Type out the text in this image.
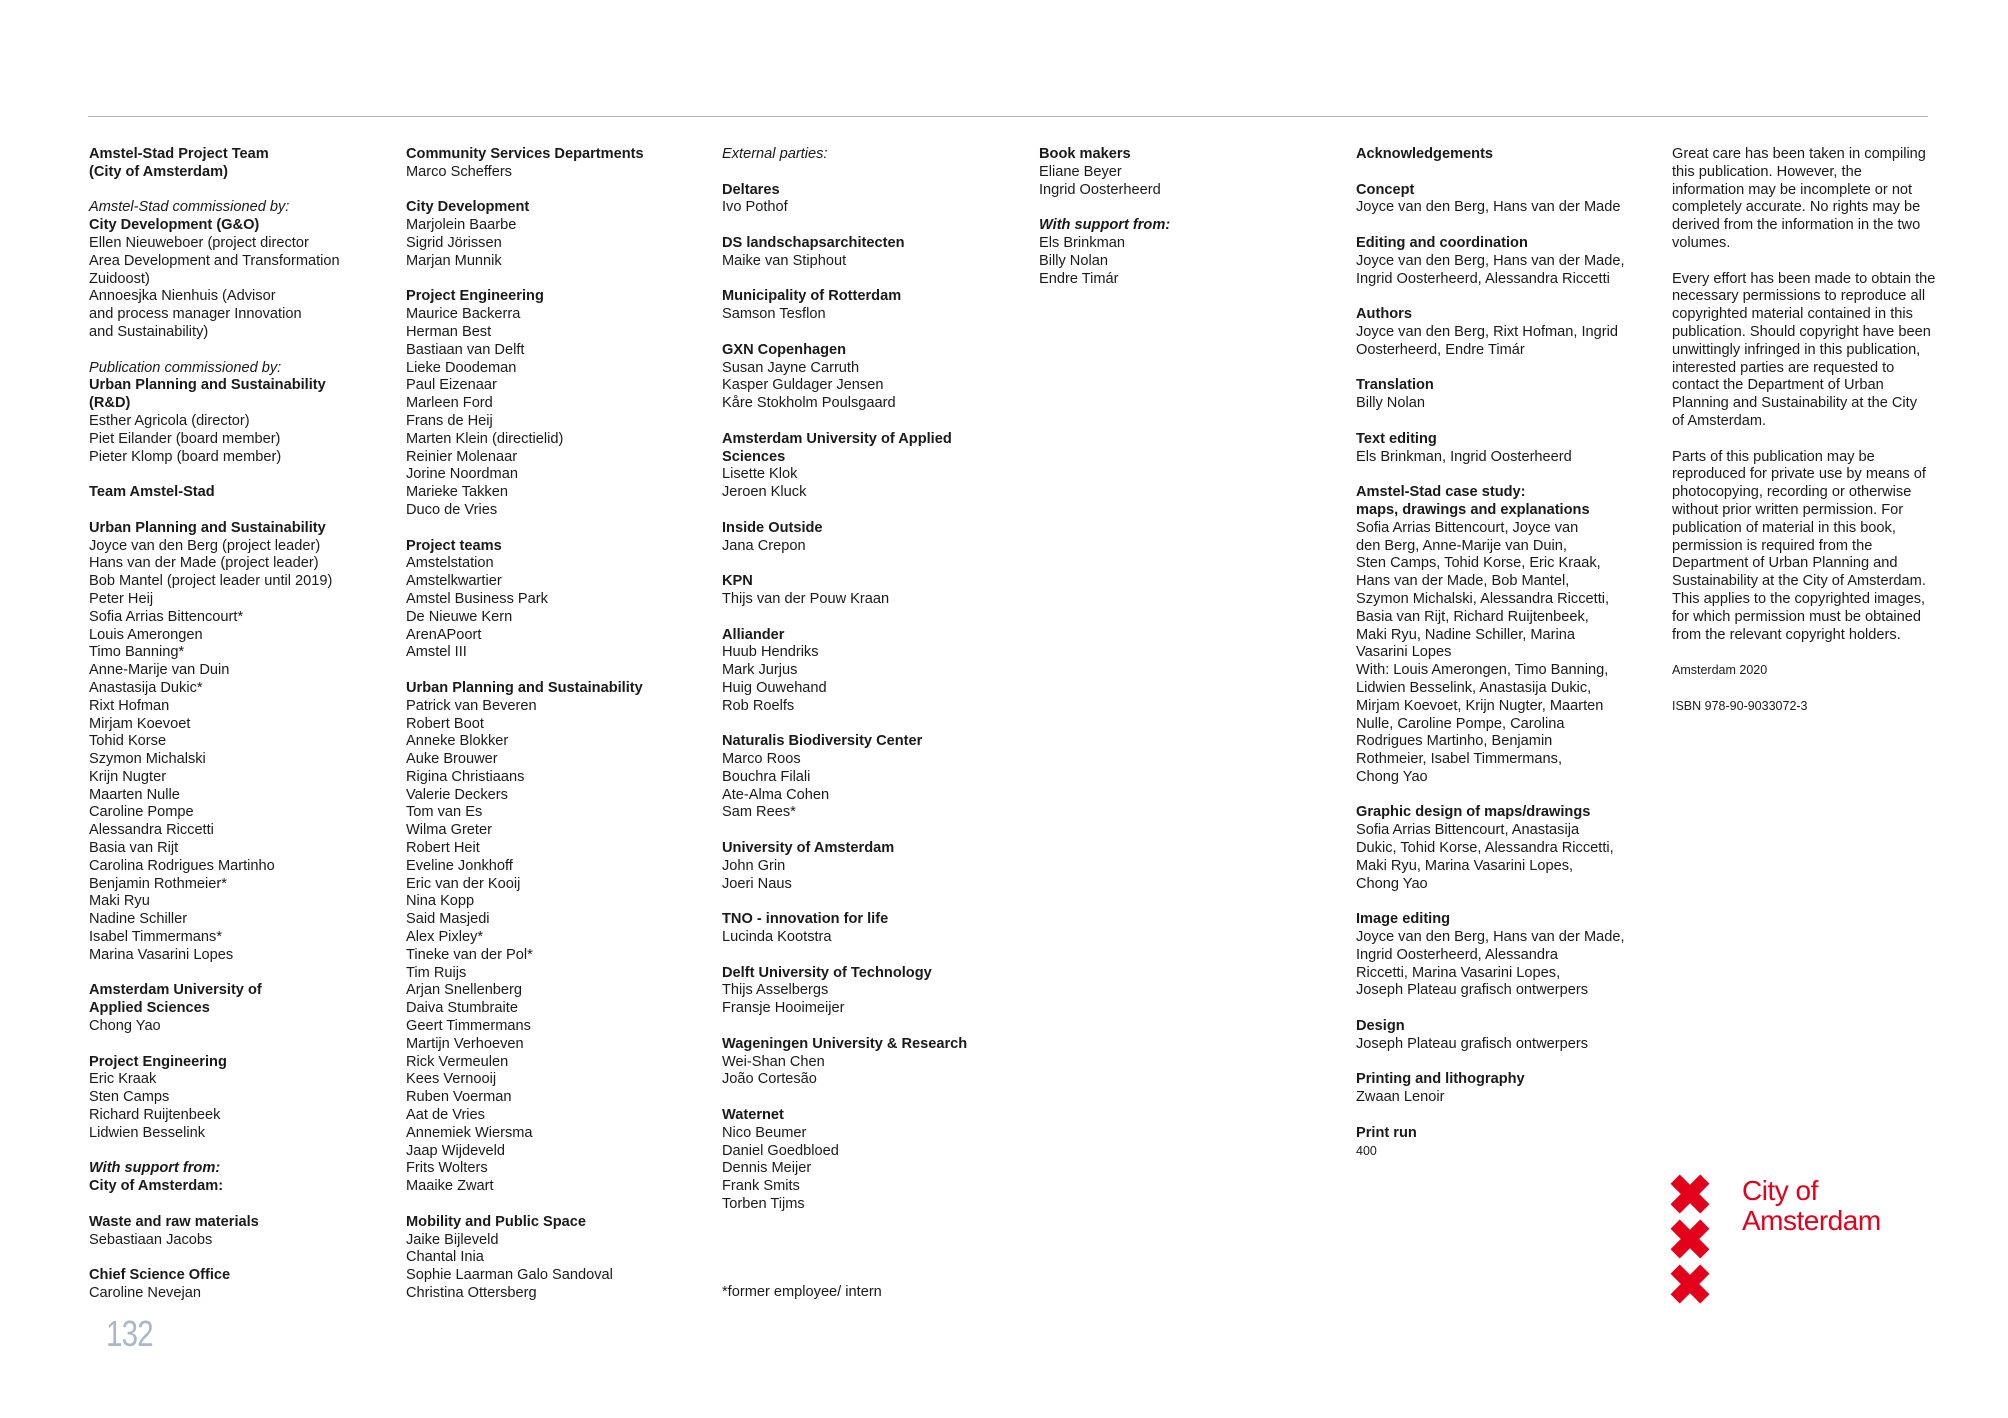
Amstel-Stad Project Team
(City of Amsterdam)
Amstel-Stad commissioned by:
City Development (G&O)
Ellen Nieuweboer (project director
Area Development and Transformation
Zuidoost)
Annoesjka Nienhuis (Advisor
and process manager Innovation
and Sustainability)
Publication commissioned by:
Urban Planning and Sustainability
(R&D)
Esther Agricola (director)
Piet Eilander (board member)
Pieter Klomp (board member)
Team Amstel-Stad
Urban Planning and Sustainability
Joyce van den Berg (project leader)
Hans van der Made (project leader)
Bob Mantel (project leader until 2019)
Peter Heij
Sofia Arrias Bittencourt*
Louis Amerongen
Timo Banning*
Anne-Marije van Duin
Anastasija Dukic*
Rixt Hofman
Mirjam Koevoet
Tohid Korse
Szymon Michalski
Krijn Nugter
Maarten Nulle
Caroline Pompe
Alessandra Riccetti
Basia van Rijt
Carolina Rodrigues Martinho
Benjamin Rothmeier*
Maki Ryu
Nadine Schiller
Isabel Timmermans*
Marina Vasarini Lopes
Amsterdam University of
Applied Sciences
Chong Yao
Project Engineering
Eric Kraak
Sten Camps
Richard Ruijtenbeek
Lidwien Besselink
With support from:
City of Amsterdam:
Waste and raw materials
Sebastiaan Jacobs
Chief Science Office
Caroline Nevejan
Community Services Departments
Marco Scheffers
City Development
Marjolein Baarbe
Sigrid Jörissen
Marjan Munnik
Project Engineering
Maurice Backerra
Herman Best
Bastiaan van Delft
Lieke Doodeman
Paul Eizenaar
Marleen Ford
Frans de Heij
Marten Klein (directielid)
Reinier Molenaar
Jorine Noordman
Marieke Takken
Duco de Vries
Project teams
Amstelstation
Amstelkwartier
Amstel Business Park
De Nieuwe Kern
ArenAPoort
Amstel III
Urban Planning and Sustainability
Patrick van Beveren
Robert Boot
Anneke Blokker
Auke Brouwer
Rigina Christiaans
Valerie Deckers
Tom van Es
Wilma Greter
Robert Heit
Eveline Jonkhoff
Eric van der Kooij
Nina Kopp
Said Masjedi
Alex Pixley*
Tineke van der Pol*
Tim Ruijs
Arjan Snellenberg
Daiva Stumbraite
Geert Timmermans
Martijn Verhoeven
Rick Vermeulen
Kees Vernooij
Ruben Voerman
Aat de Vries
Annemiek Wiersma
Jaap Wijdeveld
Frits Wolters
Maaike Zwart
Mobility and Public Space
Jaike Bijleveld
Chantal Inia
Sophie Laarman Galo Sandoval
Christina Ottersberg
External parties:
Deltares
Ivo Pothof
DS landschapsarchitecten
Maike van Stiphout
Municipality of Rotterdam
Samson Tesflon
GXN Copenhagen
Susan Jayne Carruth
Kasper Guldager Jensen
Kåre Stokholm Poulsgaard
Amsterdam University of Applied
Sciences
Lisette Klok
Jeroen Kluck
Inside Outside
Jana Crepon
KPN
Thijs van der Pouw Kraan
Alliander
Huub Hendriks
Mark Jurjus
Huig Ouwehand
Rob Roelfs
Naturalis Biodiversity Center
Marco Roos
Bouchra Filali
Ate-Alma Cohen
Sam Rees*
University of Amsterdam
John Grin
Joeri Naus
TNO - innovation for life
Lucinda Kootstra
Delft University of Technology
Thijs Asselbergs
Fransje Hooimeijer
Wageningen University & Research
Wei-Shan Chen
João Cortesão
Waternet
Nico Beumer
Daniel Goedbloed
Dennis Meijer
Frank Smits
Torben Tijms
*former employee/ intern
Book makers
Eliane Beyer
Ingrid Oosterheerd
With support from:
Els Brinkman
Billy Nolan
Endre Timár
Acknowledgements
Concept
Joyce van den Berg, Hans van der Made
Editing and coordination
Joyce van den Berg, Hans van der Made,
Ingrid Oosterheerd, Alessandra Riccetti
Authors
Joyce van den Berg, Rixt Hofman, Ingrid
Oosterheerd, Endre Timár
Translation
Billy Nolan
Text editing
Els Brinkman, Ingrid Oosterheerd
Amstel-Stad case study:
maps, drawings and explanations
Sofia Arrias Bittencourt, Joyce van
den Berg, Anne-Marije van Duin,
Sten Camps, Tohid Korse, Eric Kraak,
Hans van der Made, Bob Mantel,
Szymon Michalski, Alessandra Riccetti,
Basia van Rijt, Richard Ruijtenbeek,
Maki Ryu, Nadine Schiller, Marina
Vasarini Lopes
With: Louis Amerongen, Timo Banning,
Lidwien Besselink, Anastasija Dukic,
Mirjam Koevoet, Krijn Nugter, Maarten
Nulle, Caroline Pompe, Carolina
Rodrigues Martinho, Benjamin
Rothmeier, Isabel Timmermans,
Chong Yao
Graphic design of maps/drawings
Sofia Arrias Bittencourt, Anastasija
Dukic, Tohid Korse, Alessandra Riccetti,
Maki Ryu, Marina Vasarini Lopes,
Chong Yao
Image editing
Joyce van den Berg, Hans van der Made,
Ingrid Oosterheerd, Alessandra
Riccetti, Marina Vasarini Lopes,
Joseph Plateau grafisch ontwerpers
Design
Joseph Plateau grafisch ontwerpers
Printing and lithography
Zwaan Lenoir
Print run
400
Great care has been taken in compiling
this publication. However, the
information may be incomplete or not
completely accurate. No rights may be
derived from the information in the two
volumes.
Every effort has been made to obtain the
necessary permissions to reproduce all
copyrighted material contained in this
publication. Should copyright have been
unwittingly infringed in this publication,
interested parties are requested to
contact the Department of Urban
Planning and Sustainability at the City
of Amsterdam.
Parts of this publication may be
reproduced for private use by means of
photocopying, recording or otherwise
without prior written permission. For
publication of material in this book,
permission is required from the
Department of Urban Planning and
Sustainability at the City of Amsterdam.
This applies to the copyrighted images,
for which permission must be obtained
from the relevant copyright holders.
Amsterdam 2020
ISBN 978-90-9033072-3
City of
Amsterdam
132
